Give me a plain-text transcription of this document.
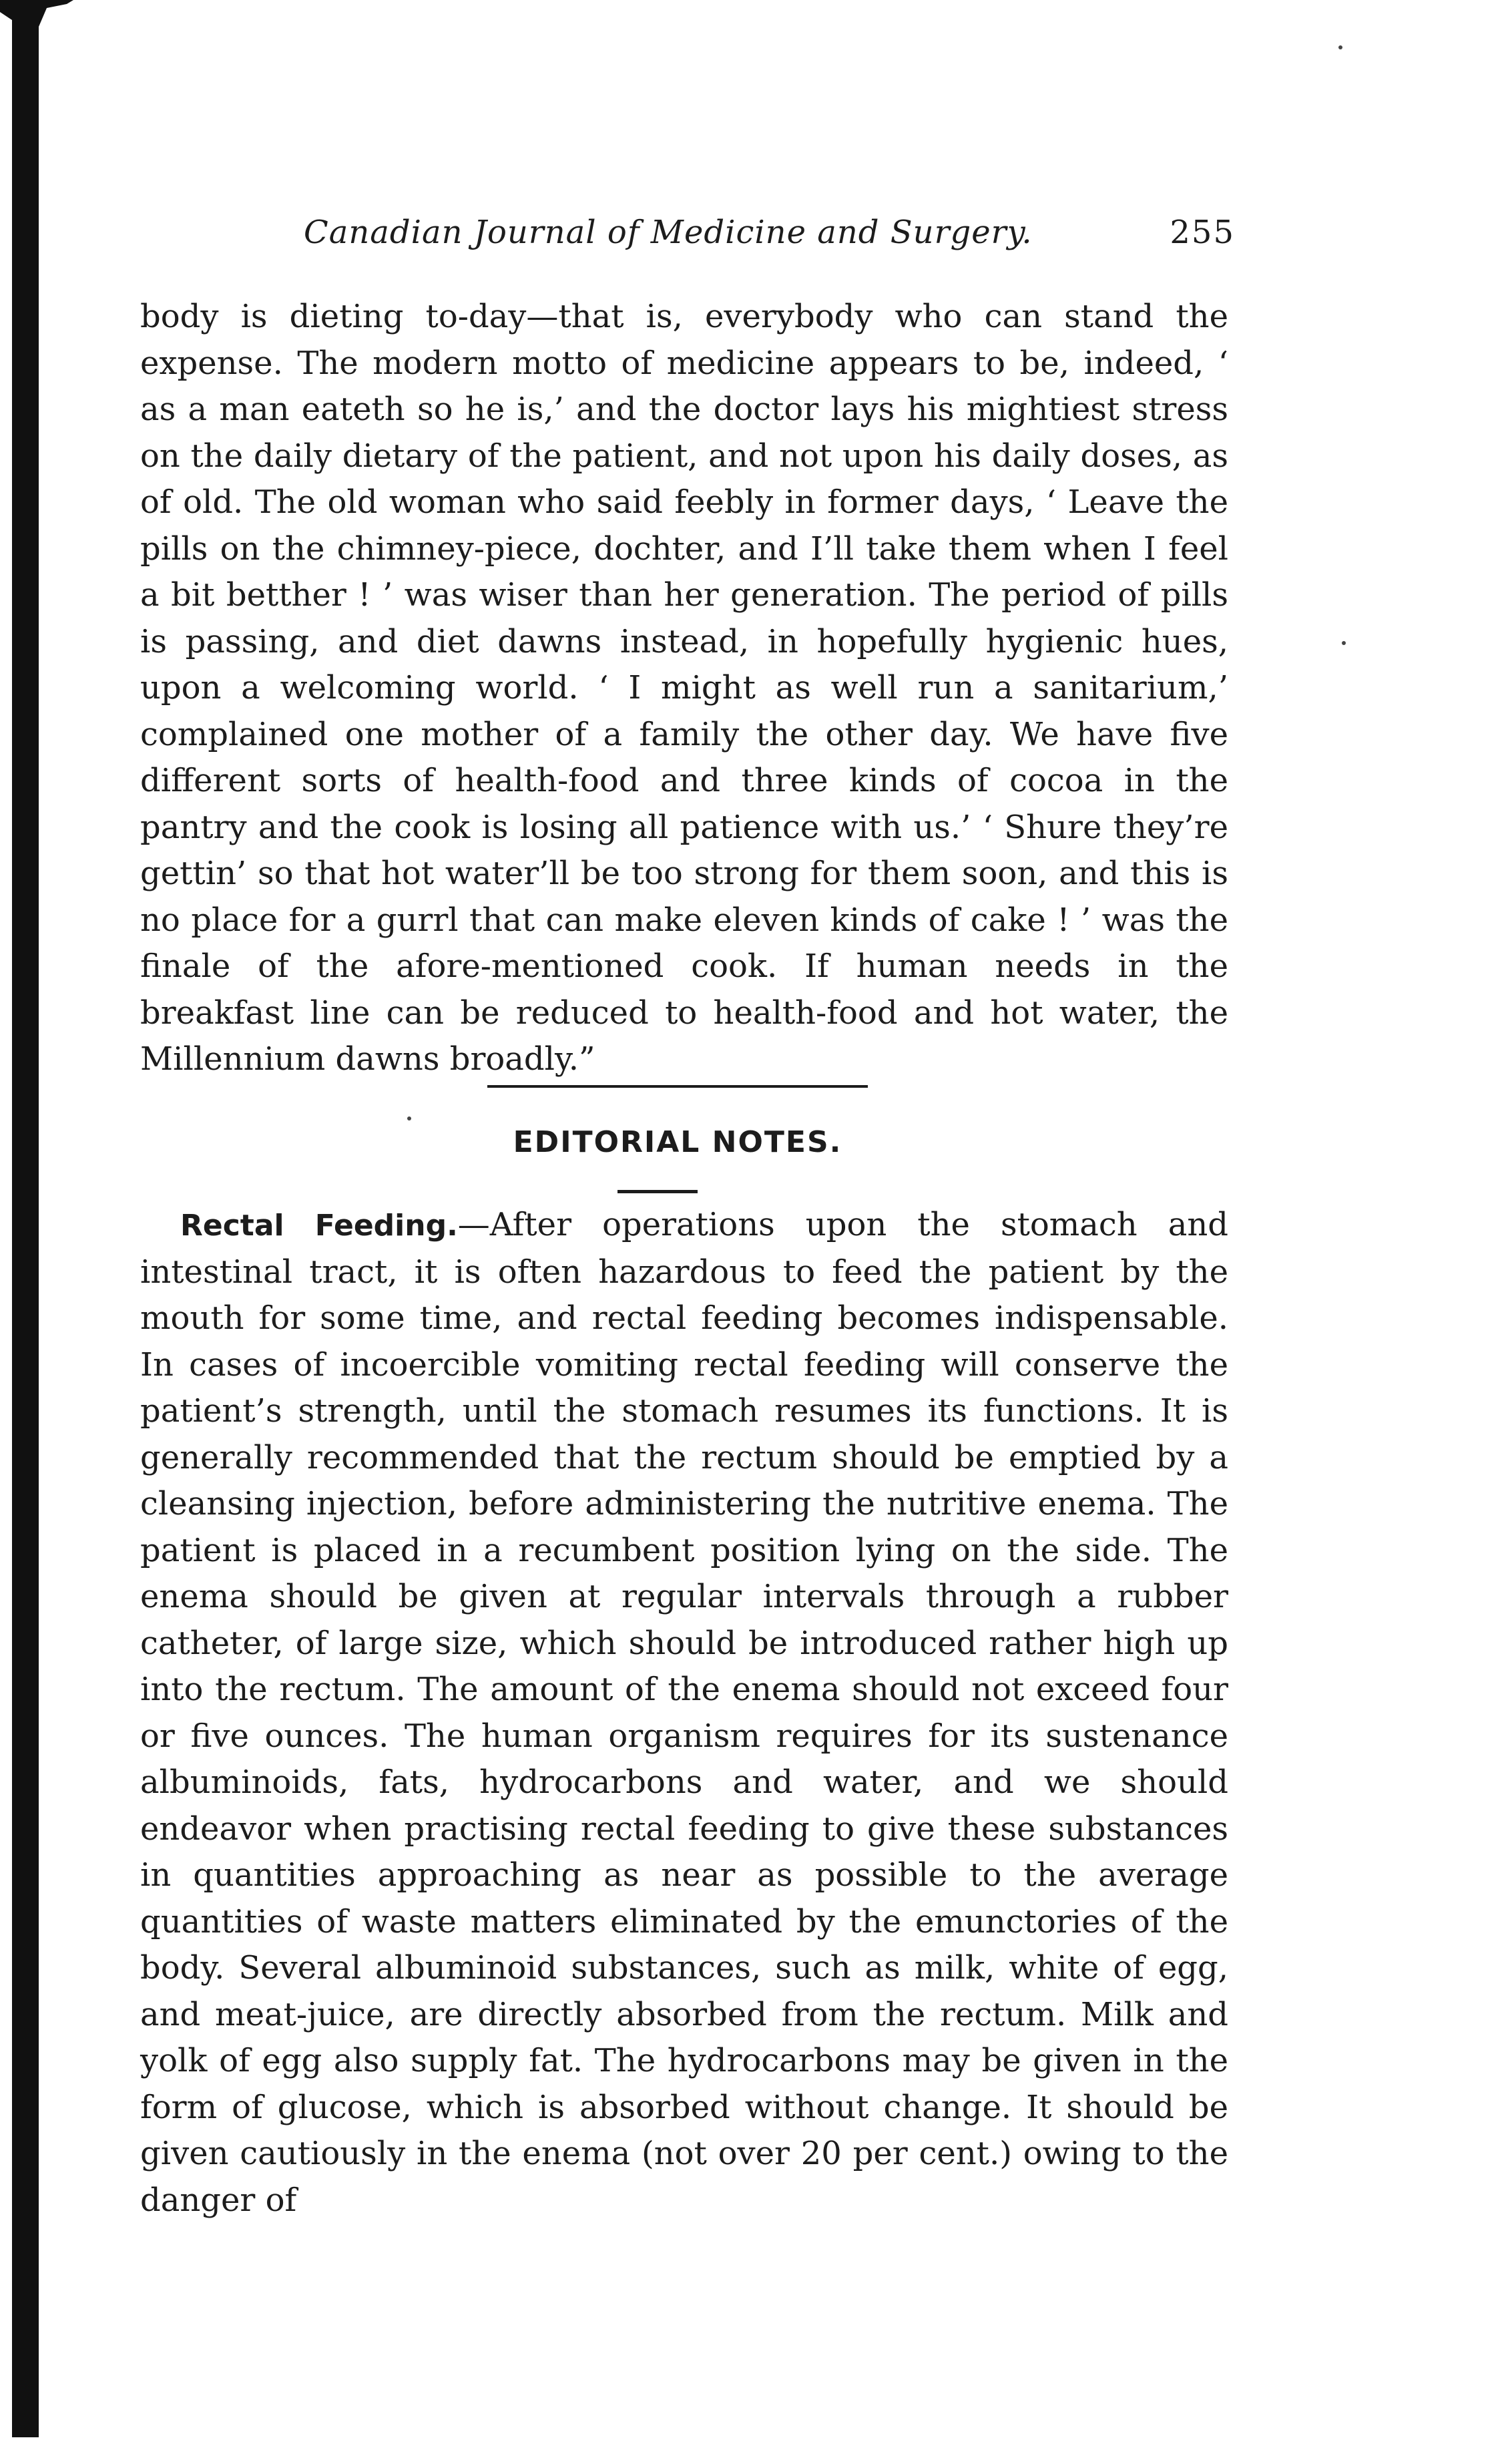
Canadian Journal of Medicine and Surgery.	255

body is dieting to-day—that is, everybody who can stand the expense. The modern motto of medicine appears to be, indeed, ‘ as a man eateth so he is,’ and the doctor lays his mightiest stress on the daily dietary of the patient, and not upon his daily doses, as of old. The old woman who said feebly in former days, ‘ Leave the pills on the chimney-piece, dochter, and I’ll take them when I feel a bit betther ! ’ was wiser than her generation. The period of pills is passing, and diet dawns instead, in hopefully hygienic hues, upon a welcoming world. ‘ I might as well run a sanitarium,’ complained one mother of a family the other day. We have five different sorts of health-food and three kinds of cocoa in the pantry and the cook is losing all patience with us.’ ‘ Shure they’re gettin’ so that hot water’ll be too strong for them soon, and this is no place for a gurrl that can make eleven kinds of cake ! ’ was the finale of the afore-mentioned cook. If human needs in the breakfast line can be reduced to health-food and hot water, the Millennium dawns broadly.”

EDITORIAL NOTES.

Rectal Feeding.—After operations upon the stomach and intestinal tract, it is often hazardous to feed the patient by the mouth for some time, and rectal feeding becomes indispensable. In cases of incoercible vomiting rectal feeding will conserve the patient’s strength, until the stomach resumes its functions. It is generally recommended that the rectum should be emptied by a cleansing injection, before administering the nutritive enema. The patient is placed in a recumbent position lying on the side. The enema should be given at regular intervals through a rubber catheter, of large size, which should be introduced rather high up into the rectum. The amount of the enema should not exceed four or five ounces. The human organism requires for its sustenance albuminoids, fats, hydrocarbons and water, and we should endeavor when practising rectal feeding to give these substances in quantities approaching as near as possible to the average quantities of waste matters eliminated by the emunctories of the body. Several albuminoid substances, such as milk, white of egg, and meat-juice, are directly absorbed from the rectum. Milk and yolk of egg also supply fat. The hydrocarbons may be given in the form of glucose, which is absorbed without change. It should be given cautiously in the enema (not over 20 per cent.) owing to the danger of
